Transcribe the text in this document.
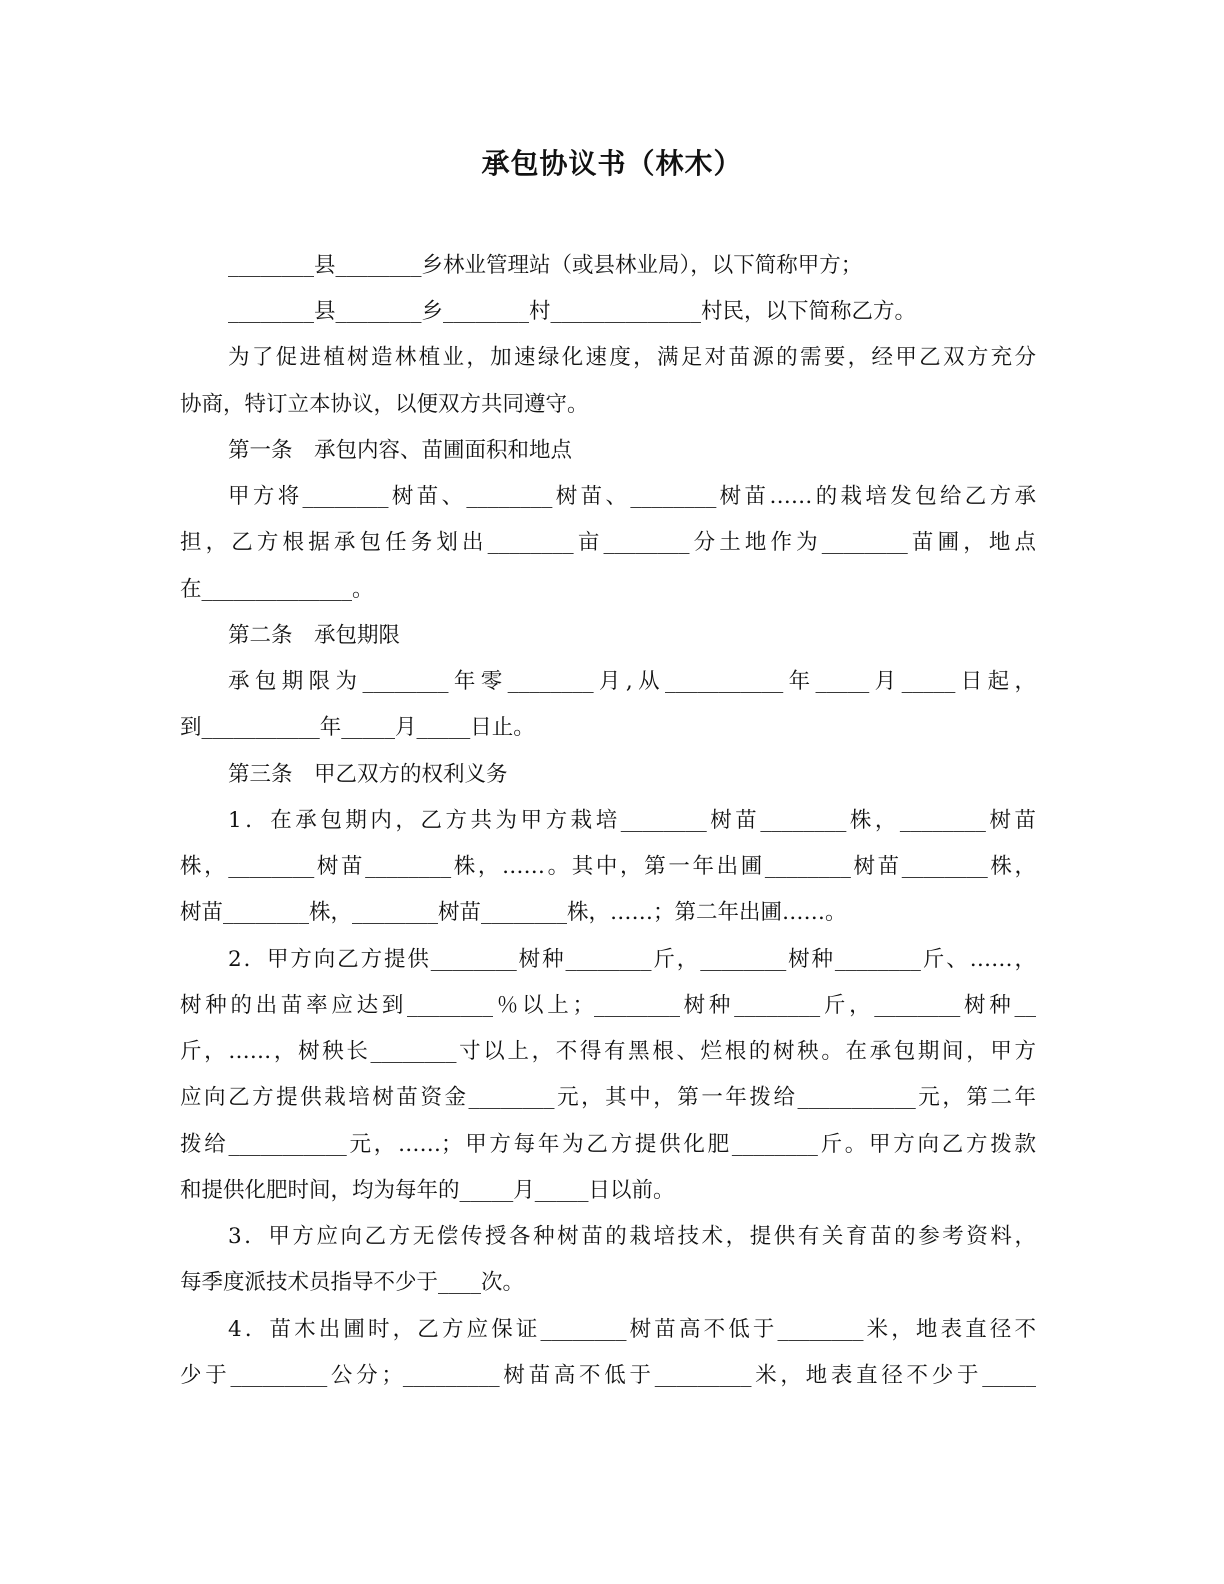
承包协议书（林木）
________县________乡林业管理站（或县林业局），以下简称甲方；
________县________乡________村______________村民，以下简称乙方。
为了促进植树造林植业，加速绿化速度，满足对苗源的需要，经甲乙双方充分
协商，特订立本协议，以便双方共同遵守。
第一条　承包内容、苗圃面积和地点
甲方将________树苗、________树苗、________树苗……的栽培发包给乙方承
担，乙方根据承包任务划出________亩________分土地作为________苗圃，地点
在______________。
第二条　承包期限
承包期限为________年零________月,从___________年_____月_____日起，
到___________年_____月_____日止。
第三条　甲乙双方的权利义务
1．在承包期内，乙方共为甲方栽培________树苗________株，________树苗
株，________树苗________株，……。其中，第一年出圃________树苗________株，
树苗________株，________树苗________株，……；第二年出圃……。
2．甲方向乙方提供________树种________斤，________树种________斤、……，
树种的出苗率应达到________％以上；________树种________斤，________树种__
斤，……，树秧长________寸以上，不得有黑根、烂根的树秧。在承包期间，甲方
应向乙方提供栽培树苗资金________元，其中，第一年拨给___________元，第二年
拨给___________元，……；甲方每年为乙方提供化肥________斤。甲方向乙方拨款
和提供化肥时间，均为每年的_____月_____日以前。
3．甲方应向乙方无偿传授各种树苗的栽培技术，提供有关育苗的参考资料，
每季度派技术员指导不少于____次。
4．苗木出圃时，乙方应保证________树苗高不低于________米，地表直径不
少于_________公分；_________树苗高不低于_________米，地表直径不少于_____
